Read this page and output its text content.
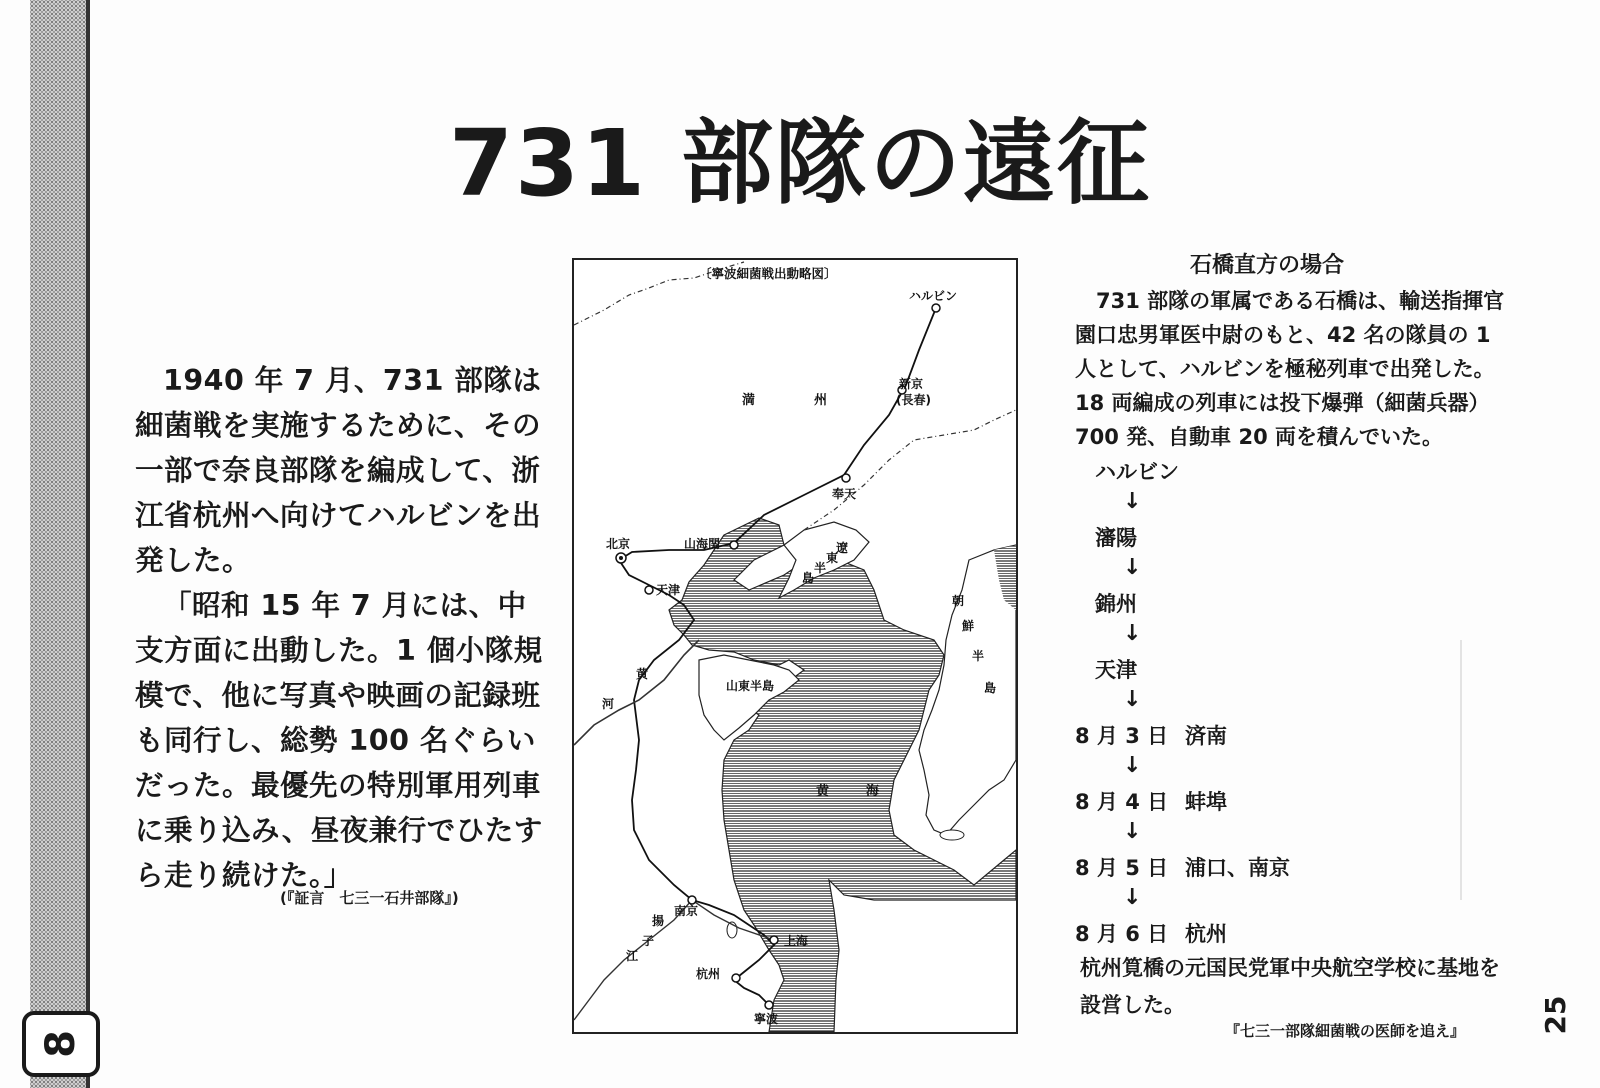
8
25
731 部隊の遠征

1940 年 7 月、731 部隊は細菌戦を実施するために、その一部で奈良部隊を編成して、浙江省杭州へ向けてハルビンを出発した。

「昭和 15 年 7 月には、中支方面に出動した。1 個小隊規模で、他に写真や映画の記録班も同行し、総勢 100 名ぐらいだった。最優先の特別軍用列車に乗り込み、昼夜兼行でひたすら走り続けた。」

(『証言　七三一石井部隊』)
〔寧波細菌戦出動略図〕
ハルビン
新京
(長春)
満	州
奉天
北京	山海関
天津
遼
東
半
島
朝
鮮
半
島
山東半島
黄
河
黄	海
南京
上海
揚
子
江
杭州
寧波
石橋直方の場合

731 部隊の軍属である石橋は、輸送指揮官園口忠男軍医中尉のもと、42 名の隊員の 1 人として、ハルビンを極秘列車で出発した。18 両編成の列車には投下爆弾（細菌兵器）700 発、自動車 20 両を積んでいた。

ハルビン
↓
瀋陽
↓
錦州
↓
天津
↓
8 月 3 日 済南
↓
8 月 4 日 蚌埠
↓
8 月 5 日 浦口、南京
↓
8 月 6 日 杭州
杭州筧橋の元国民党軍中央航空学校に基地を設営した。
『七三一部隊細菌戦の医師を追え』
